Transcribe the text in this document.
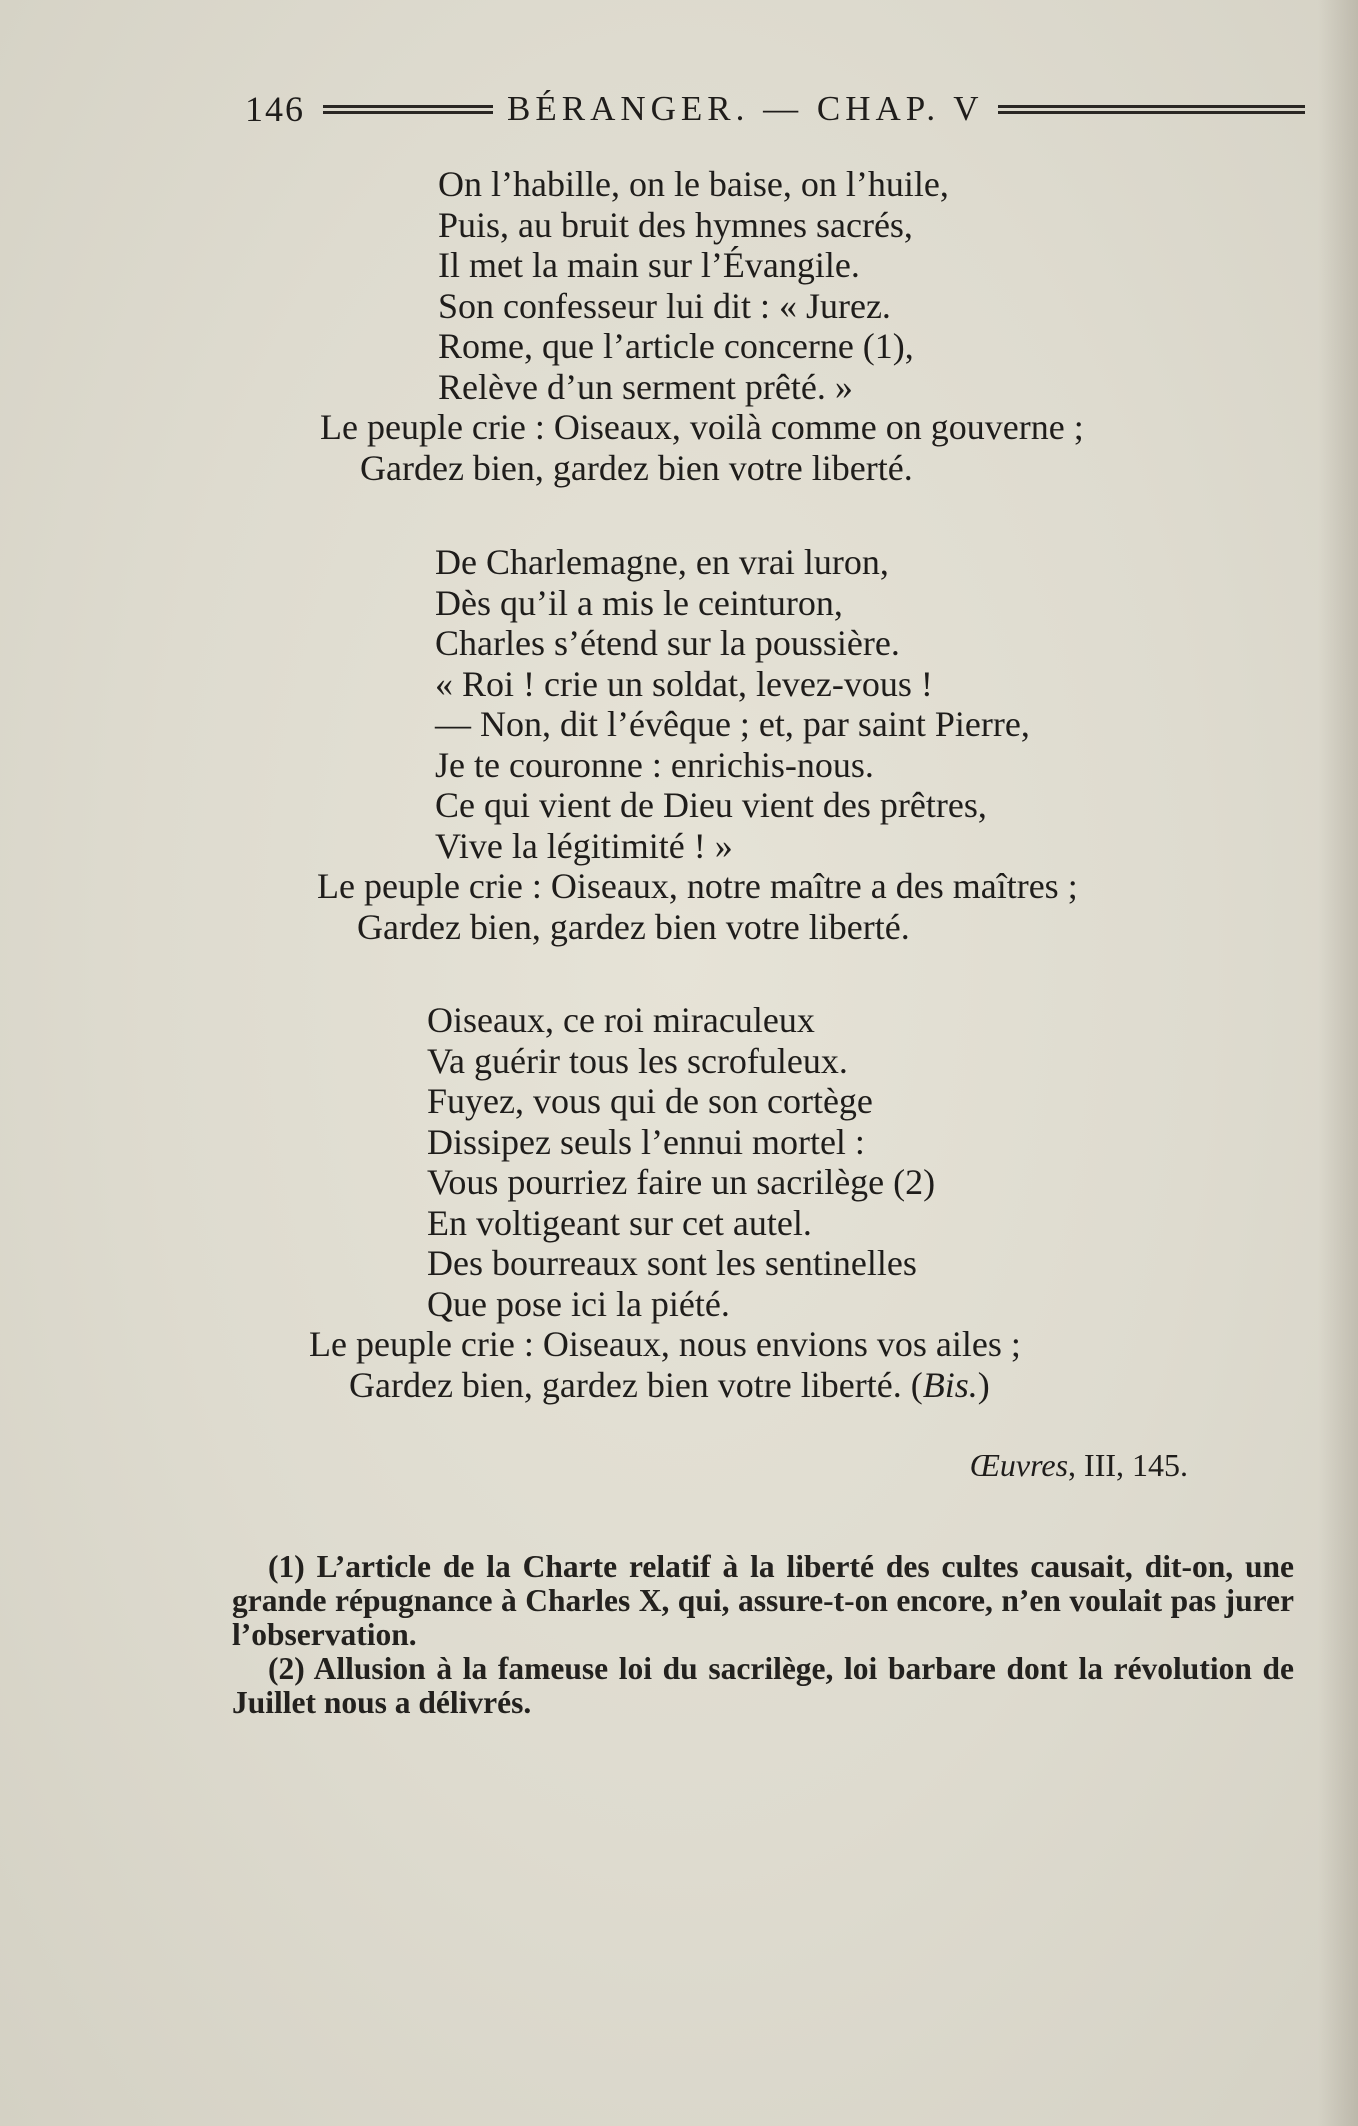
146	BÉRANGER. — CHAP. V
On l’habille, on le baise, on l’huile,
Puis, au bruit des hymnes sacrés,
Il met la main sur l’Évangile.
Son confesseur lui dit : « Jurez.
Rome, que l’article concerne (1),
Relève d’un serment prêté. »
Le peuple crie : Oiseaux, voilà comme on gouverne ;
Gardez bien, gardez bien votre liberté.
De Charlemagne, en vrai luron,
Dès qu’il a mis le ceinturon,
Charles s’étend sur la poussière.
« Roi ! crie un soldat, levez-vous !
— Non, dit l’évêque ; et, par saint Pierre,
Je te couronne : enrichis-nous.
Ce qui vient de Dieu vient des prêtres,
Vive la légitimité ! »
Le peuple crie : Oiseaux, notre maître a des maîtres ;
Gardez bien, gardez bien votre liberté.
Oiseaux, ce roi miraculeux
Va guérir tous les scrofuleux.
Fuyez, vous qui de son cortège
Dissipez seuls l’ennui mortel :
Vous pourriez faire un sacrilège (2)
En voltigeant sur cet autel.
Des bourreaux sont les sentinelles
Que pose ici la piété.
Le peuple crie : Oiseaux, nous envions vos ailes ;
Gardez bien, gardez bien votre liberté. (Bis.)
Œuvres, III, 145.

(1) L’article de la Charte relatif à la liberté des cultes causait, dit-on, une grande répugnance à Charles X, qui, assure-t-on encore, n’en voulait pas jurer l’observation.

(2) Allusion à la fameuse loi du sacrilège, loi barbare dont la révolution de Juillet nous a délivrés.
